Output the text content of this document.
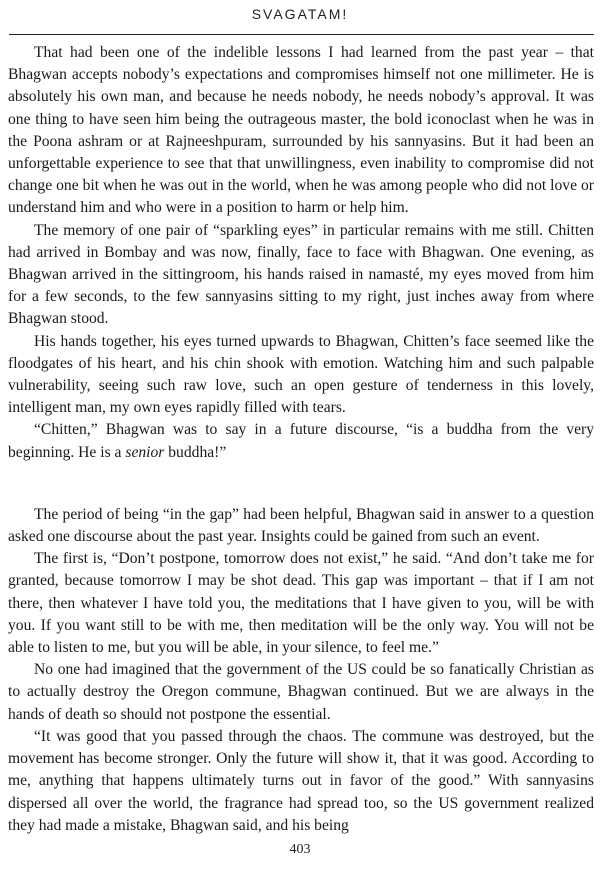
SVAGATAM!

That had been one of the indelible lessons I had learned from the past year – that Bhagwan accepts nobody’s expectations and compromises himself not one millimeter. He is absolutely his own man, and because he needs nobody, he needs nobody’s approval. It was one thing to have seen him being the outrageous master, the bold iconoclast when he was in the Poona ashram or at Rajneeshpuram, surrounded by his sannyasins. But it had been an unforgettable experience to see that that unwillingness, even inability to compromise did not change one bit when he was out in the world, when he was among people who did not love or understand him and who were in a position to harm or help him.

The memory of one pair of “sparkling eyes” in particular remains with me still. Chitten had arrived in Bombay and was now, finally, face to face with Bhagwan. One evening, as Bhagwan arrived in the sittingroom, his hands raised in namasté, my eyes moved from him for a few seconds, to the few sannyasins sitting to my right, just inches away from where Bhagwan stood.

His hands together, his eyes turned upwards to Bhagwan, Chitten’s face seemed like the floodgates of his heart, and his chin shook with emotion. Watching him and such palpable vulnerability, seeing such raw love, such an open gesture of tenderness in this lovely, intelligent man, my own eyes rapidly filled with tears.

“Chitten,” Bhagwan was to say in a future discourse, “is a buddha from the very beginning. He is a senior buddha!”

The period of being “in the gap” had been helpful, Bhagwan said in answer to a question asked one discourse about the past year. Insights could be gained from such an event.

The first is, “Don’t postpone, tomorrow does not exist,” he said. “And don’t take me for granted, because tomorrow I may be shot dead. This gap was important – that if I am not there, then whatever I have told you, the meditations that I have given to you, will be with you. If you want still to be with me, then meditation will be the only way. You will not be able to listen to me, but you will be able, in your silence, to feel me.”

No one had imagined that the government of the US could be so fanatically Christian as to actually destroy the Oregon commune, Bhagwan continued. But we are always in the hands of death so should not postpone the essential.

“It was good that you passed through the chaos. The commune was destroyed, but the movement has become stronger. Only the future will show it, that it was good. According to me, anything that happens ultimately turns out in favor of the good.” With sannyasins dispersed all over the world, the fragrance had spread too, so the US government realized they had made a mistake, Bhagwan said, and his being

403
